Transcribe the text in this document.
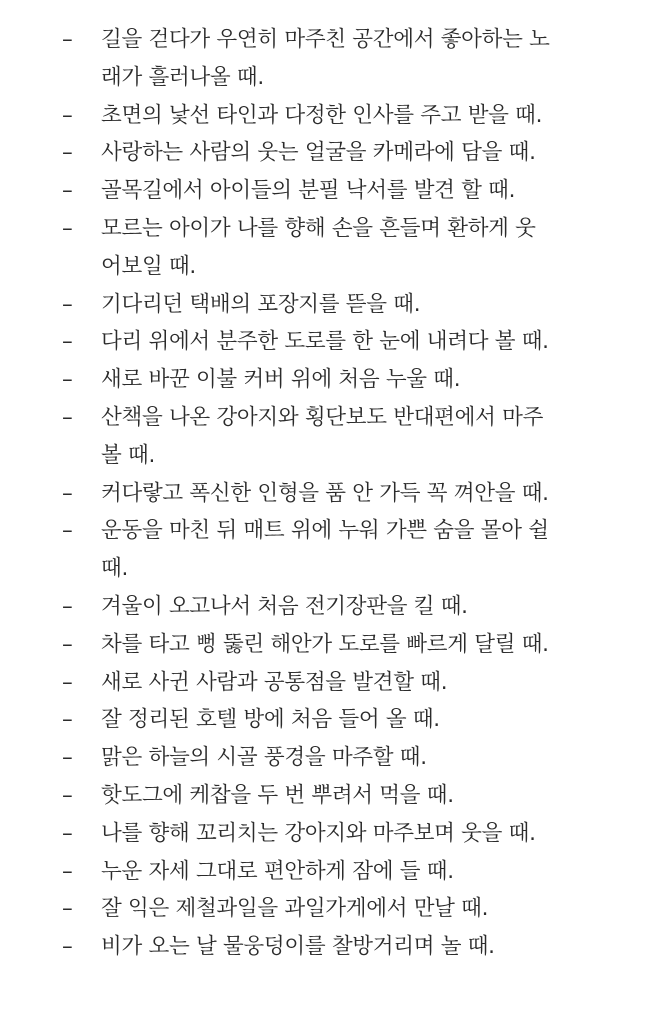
–	길을 걷다가 우연히 마주친 공간에서 좋아하는 노
래가 흘러나올 때.
–	초면의 낯선 타인과 다정한 인사를 주고 받을 때.
–	사랑하는 사람의 웃는 얼굴을 카메라에 담을 때.
–	골목길에서 아이들의 분필 낙서를 발견 할 때.
–	모르는 아이가 나를 향해 손을 흔들며 환하게 웃
어보일 때.
–	기다리던 택배의 포장지를 뜯을 때.
–	다리 위에서 분주한 도로를 한 눈에 내려다 볼 때.
–	새로 바꾼 이불 커버 위에 처음 누울 때.
–	산책을 나온 강아지와 횡단보도 반대편에서 마주
볼 때.
–	커다랗고 폭신한 인형을 품 안 가득 꼭 껴안을 때.
–	운동을 마친 뒤 매트 위에 누워 가쁜 숨을 몰아 쉴
때.
–	겨울이 오고나서 처음 전기장판을 킬 때.
–	차를 타고 뻥 뚫린 해안가 도로를 빠르게 달릴 때.
–	새로 사귄 사람과 공통점을 발견할 때.
–	잘 정리된 호텔 방에 처음 들어 올 때.
–	맑은 하늘의 시골 풍경을 마주할 때.
–	핫도그에 케찹을 두 번 뿌려서 먹을 때.
–	나를 향해 꼬리치는 강아지와 마주보며 웃을 때.
–	누운 자세 그대로 편안하게 잠에 들 때.
–	잘 익은 제철과일을 과일가게에서 만날 때.
–	비가 오는 날 물웅덩이를 찰방거리며 놀 때.
